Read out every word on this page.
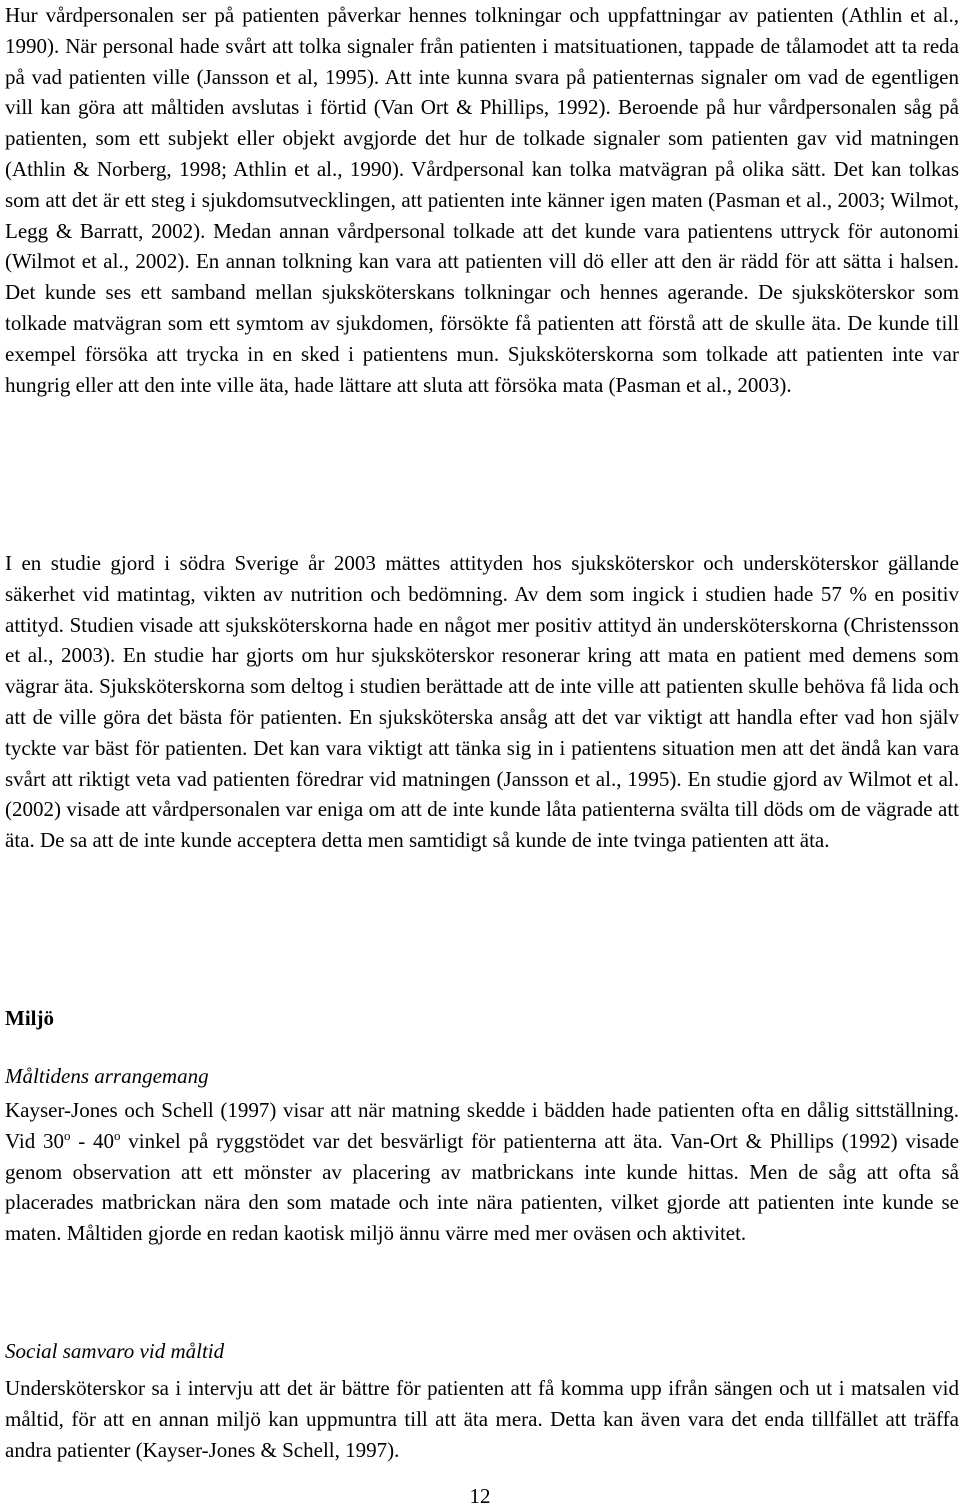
Hur vårdpersonalen ser på patienten påverkar hennes tolkningar och uppfattningar av patienten (Athlin et al., 1990). När personal hade svårt att tolka signaler från patienten i matsituationen, tappade de tålamodet att ta reda på vad patienten ville (Jansson et al, 1995). Att inte kunna svara på patienternas signaler om vad de egentligen vill kan göra att måltiden avslutas i förtid (Van Ort & Phillips, 1992). Beroende på hur vårdpersonalen såg på patienten, som ett subjekt eller objekt avgjorde det hur de tolkade signaler som patienten gav vid matningen (Athlin & Norberg, 1998; Athlin et al., 1990). Vårdpersonal kan tolka matvägran på olika sätt. Det kan tolkas som att det är ett steg i sjukdomsutvecklingen, att patienten inte känner igen maten (Pasman et al., 2003; Wilmot, Legg & Barratt, 2002). Medan annan vårdpersonal tolkade att det kunde vara patientens uttryck för autonomi (Wilmot et al., 2002). En annan tolkning kan vara att patienten vill dö eller att den är rädd för att sätta i halsen. Det kunde ses ett samband mellan sjuksköterskans tolkningar och hennes agerande. De sjuksköterskor som tolkade matvägran som ett symtom av sjukdomen, försökte få patienten att förstå att de skulle äta. De kunde till exempel försöka att trycka in en sked i patientens mun. Sjuksköterskorna som tolkade att patienten inte var hungrig eller att den inte ville äta, hade lättare att sluta att försöka mata (Pasman et al., 2003).

I en studie gjord i södra Sverige år 2003 mättes attityden hos sjuksköterskor och undersköterskor gällande säkerhet vid matintag, vikten av nutrition och bedömning. Av dem som ingick i studien hade 57 % en positiv attityd. Studien visade att sjuksköterskorna hade en något mer positiv attityd än undersköterskorna (Christensson et al., 2003). En studie har gjorts om hur sjuksköterskor resonerar kring att mata en patient med demens som vägrar äta. Sjuksköterskorna som deltog i studien berättade att de inte ville att patienten skulle behöva få lida och att de ville göra det bästa för patienten. En sjuksköterska ansåg att det var viktigt att handla efter vad hon själv tyckte var bäst för patienten. Det kan vara viktigt att tänka sig in i patientens situation men att det ändå kan vara svårt att riktigt veta vad patienten föredrar vid matningen (Jansson et al., 1995). En studie gjord av Wilmot et al. (2002) visade att vårdpersonalen var eniga om att de inte kunde låta patienterna svälta till döds om de vägrade att äta. De sa att de inte kunde acceptera detta men samtidigt så kunde de inte tvinga patienten att äta.

Miljö
Måltidens arrangemang

Kayser-Jones och Schell (1997) visar att när matning skedde i bädden hade patienten ofta en dålig sittställning. Vid 30$^o$ - 40$^o$ vinkel på ryggstödet var det besvärligt för patienterna att äta. Van-Ort & Phillips (1992) visade genom observation att ett mönster av placering av matbrickans inte kunde hittas. Men de såg att ofta så placerades matbrickan nära den som matade och inte nära patienten, vilket gjorde att patienten inte kunde se maten. Måltiden gjorde en redan kaotisk miljö ännu värre med mer oväsen och aktivitet.

Social samvaro vid måltid

Undersköterskor sa i intervju att det är bättre för patienten att få komma upp ifrån sängen och ut i matsalen vid måltid, för att en annan miljö kan uppmuntra till att äta mera. Detta kan även vara det enda tillfället att träffa andra patienter (Kayser-Jones & Schell, 1997).

12
